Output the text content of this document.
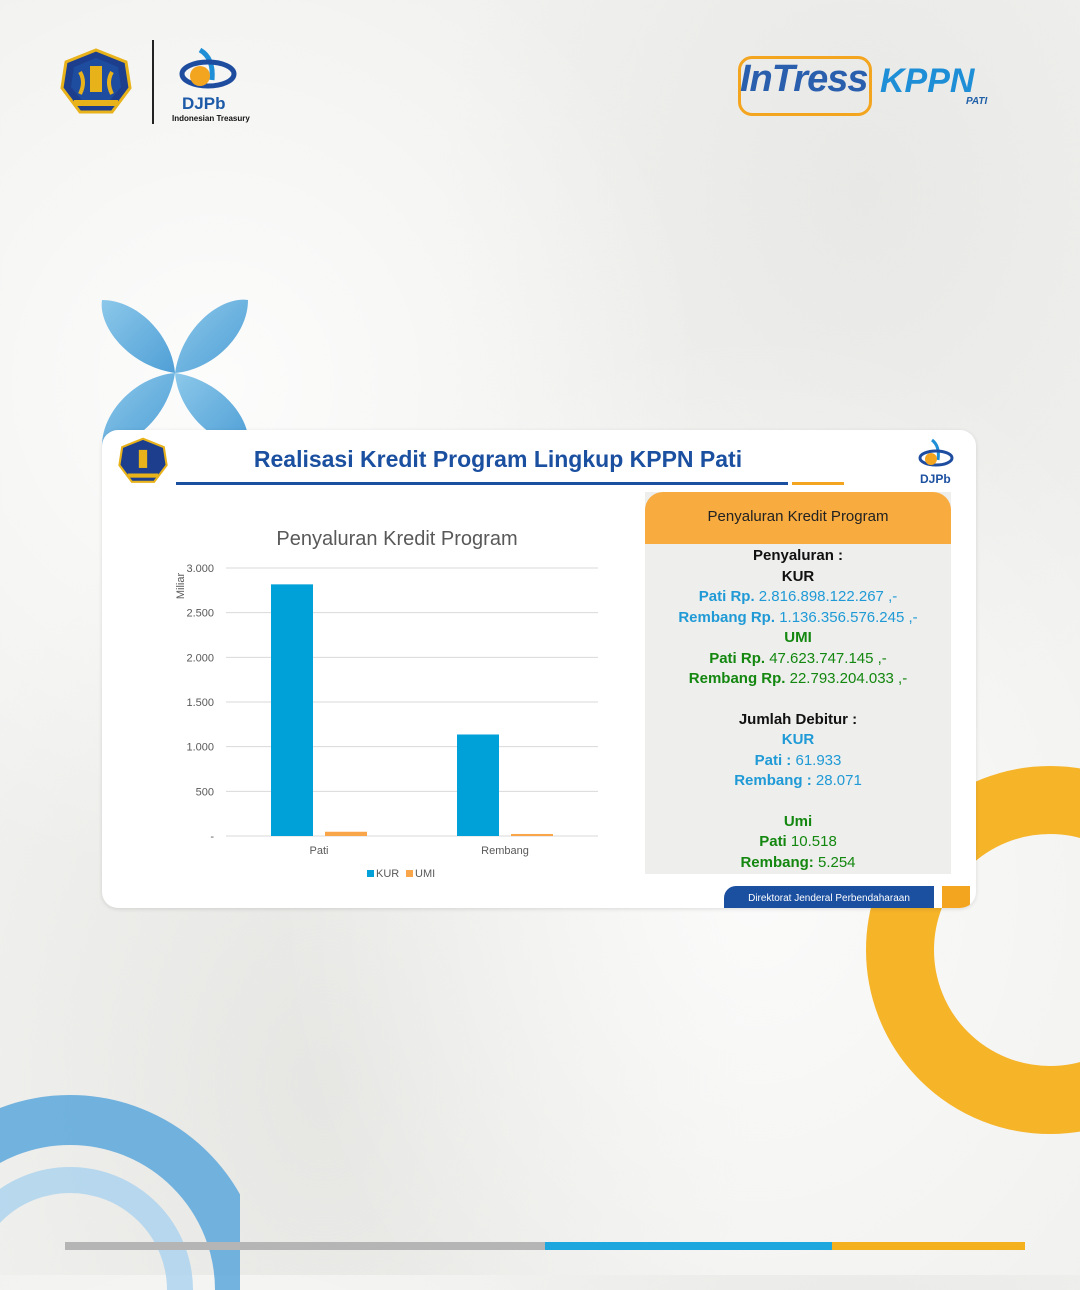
DJPb
Indonesian Treasury
InTress KPPN
PATI
Realisasi Kredit Program Lingkup KPPN Pati
DJPb
Penyaluran Kredit Program
-
500
1.000
1.500
2.000
2.500
3.000
Miliar
Pati	Rembang
KUR UMI
Penyaluran Kredit Program
Penyaluran :
KUR
Pati Rp. 2.816.898.122.267 ,-
Rembang Rp. 1.136.356.576.245 ,-
UMI
Pati Rp. 47.623.747.145 ,-
Rembang Rp. 22.793.204.033 ,-
Jumlah Debitur :
KUR
Pati : 61.933
Rembang : 28.071
Umi
Pati 10.518
Rembang: 5.254
Direktorat Jenderal Perbendaharaan
